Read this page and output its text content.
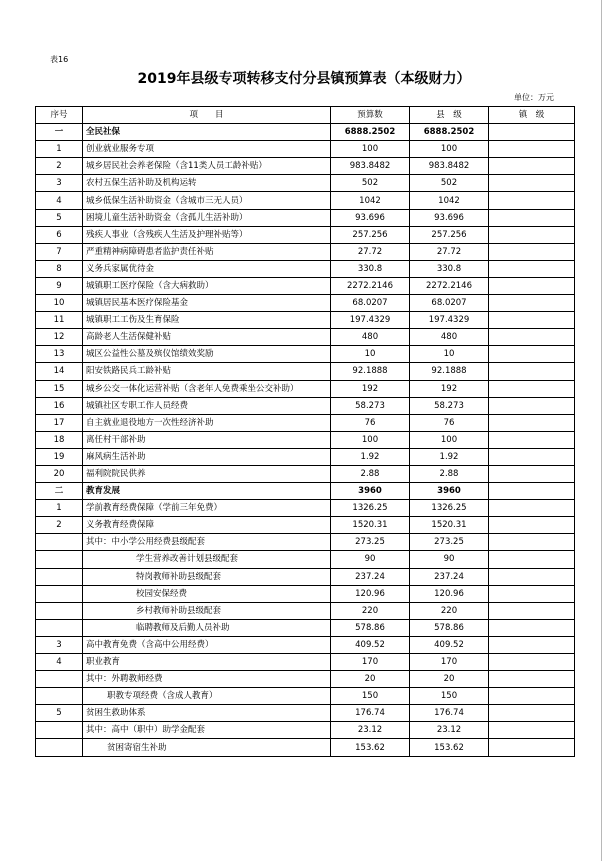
表16
2019年县级专项转移支付分县镇预算表（本级财力）
单位：万元
序号	项　　目	预算数	县　级	镇　级
一	全民社保	6888.2502	6888.2502	
1	创业就业服务专项	100	100	
2	城乡居民社会养老保险（含11类人员工龄补贴）	983.8482	983.8482	
3	农村五保生活补助及机构运转	502	502	
4	城乡低保生活补助资金（含城市三无人员）	1042	1042	
5	困境儿童生活补助资金（含孤儿生活补助）	93.696	93.696	
6	残疾人事业（含残疾人生活及护理补贴等）	257.256	257.256	
7	严重精神病障碍患者监护责任补贴	27.72	27.72	
8	义务兵家属优待金	330.8	330.8	
9	城镇职工医疗保险（含大病救助）	2272.2146	2272.2146	
10	城镇居民基本医疗保险基金	68.0207	68.0207	
11	城镇职工工伤及生育保险	197.4329	197.4329	
12	高龄老人生活保健补贴	480	480	
13	城区公益性公墓及殡仪馆绩效奖励	10	10	
14	阳安铁路民兵工龄补贴	92.1888	92.1888	
15	城乡公交一体化运营补贴（含老年人免费乘坐公交补助）	192	192	
16	城镇社区专职工作人员经费	58.273	58.273	
17	自主就业退役地方一次性经济补助	76	76	
18	离任村干部补助	100	100	
19	麻风病生活补助	1.92	1.92	
20	福利院院民供养	2.88	2.88	
二	教育发展	3960	3960	
1	学前教育经费保障（学前三年免费）	1326.25	1326.25	
2	义务教育经费保障	1520.31	1520.31	
	其中：中小学公用经费县级配套	273.25	273.25	
	学生营养改善计划县级配套	90	90	
	特岗教师补助县级配套	237.24	237.24	
	校园安保经费	120.96	120.96	
	乡村教师补助县级配套	220	220	
	临聘教师及后勤人员补助	578.86	578.86	
3	高中教育免费（含高中公用经费）	409.52	409.52	
4	职业教育	170	170	
	其中：外聘教师经费	20	20	
	职教专项经费（含成人教育）	150	150	
5	贫困生救助体系	176.74	176.74	
	其中：高中（职中）助学金配套	23.12	23.12	
	贫困寄宿生补助	153.62	153.62	
